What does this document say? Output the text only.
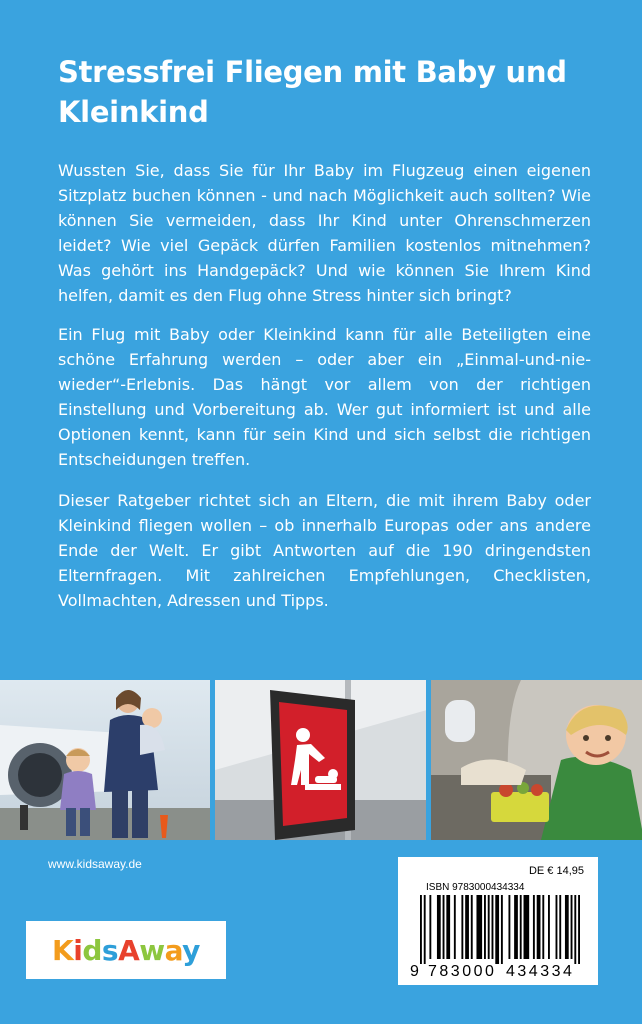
Stressfrei Fliegen mit Baby und Kleinkind

Wussten Sie, dass Sie für Ihr Baby im Flugzeug einen eigenen Sitzplatz buchen können - und nach Möglichkeit auch sollten? Wie können Sie vermeiden, dass Ihr Kind unter Ohrenschmerzen leidet? Wie viel Gepäck dürfen Familien kostenlos mitnehmen? Was gehört ins Handgepäck? Und wie können Sie Ihrem Kind helfen, damit es den Flug ohne Stress hinter sich bringt?

Ein Flug mit Baby oder Kleinkind kann für alle Beteiligten eine schöne Erfahrung werden – oder aber ein „Einmal-und-nie-wieder“-Erlebnis. Das hängt vor allem von der richtigen Einstellung und Vorbereitung ab. Wer gut informiert ist und alle Optionen kennt, kann für sein Kind und sich selbst die richtigen Entscheidungen treffen.

Dieser Ratgeber richtet sich an Eltern, die mit ihrem Baby oder Kleinkind fliegen wollen – ob innerhalb Europas oder ans andere Ende der Welt. Er gibt Antworten auf die 190 dringendsten Elternfragen. Mit zahlreichen Empfehlungen, Checklisten, Vollmachten, Adressen und Tipps.

www.kidsaway.de
KidsAway
DE € 14,95
ISBN 9783000434334
9 783000 434334
